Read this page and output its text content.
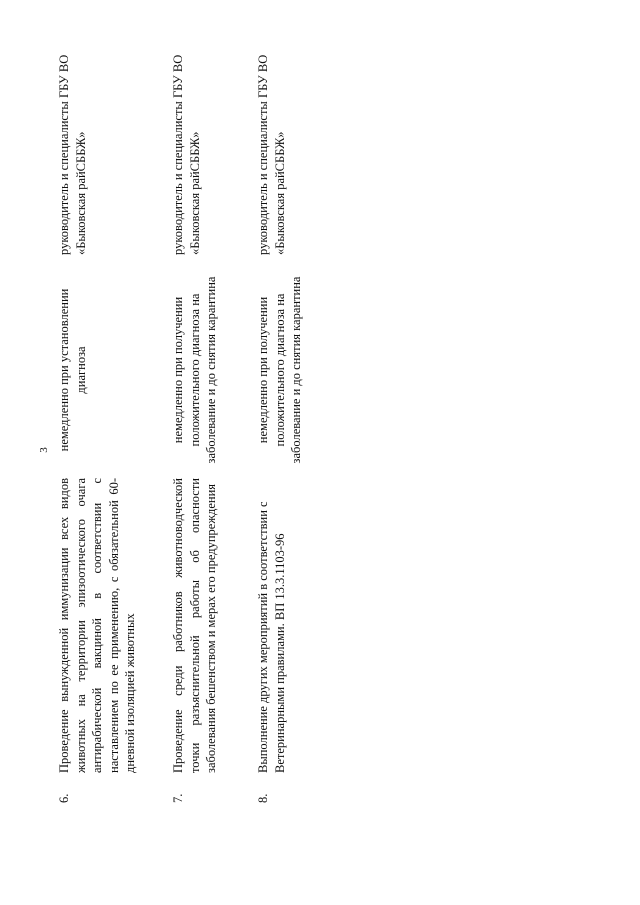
3
6.
Проведение вынужденной иммунизации всех видов животных на территории эпизоотического очага антирабической вакциной в соответствии с наставлением по ее применению, с обязательной 60-дневной изоляцией животных
немедленно при установлении диагноза
руководитель и специалисты ГБУ ВО «Быковская райСББЖ»
7.
Проведение среди работников животноводческой точки разъяснительной работы об опасности заболевания бешенством и мерах его предупреждения
немедленно при получении положительного диагноза на заболевание и до снятия карантина
руководитель и специалисты ГБУ ВО «Быковская райСББЖ»
8.
Выполнение других мероприятий в соответствии с Ветеринарными правилами. ВП 13.3.1103-96
немедленно при получении положительного диагноза на заболевание и до снятия карантина
руководитель и специалисты ГБУ ВО «Быковская райСББЖ»
